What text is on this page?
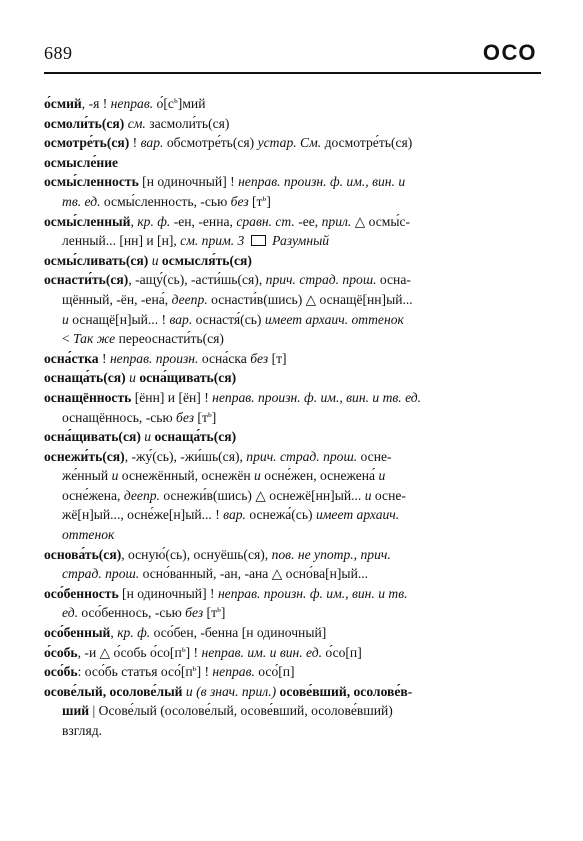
689	ОСО
о́смий, -я ! неправ. $о́[с^ь]мий$
осмоли́ть(ся) см. засмоли́ть(ся)
осмотре́ть(ся) ! вар. обсмотре́ть(ся) устар. См. досмотре́ть(ся)
осмысле́ние
осмы́сленность [н одиночный] ! неправ. произн. ф. им., вин. и
тв. ед. осмы́сленность, -сью без $[т^ь]$
осмы́сленный, кр. ф. -ен, -енна, сравн. ст. -ее, прил. △ осмы́с-
ленный... [нн] и [н], см. прим. 3 Разумный
осмы́сливать(ся) и осмысля́ть(ся)
оснасти́ть(ся), -ащу́(сь), -асти́шь(ся), прич. страд. прош. осна-
щённый, -ён, -ена́, деепр. оснасти́в(шись) △ оснащё[нн]ый...
и оснащё[н]ый... ! вар. оснастя́(сь) имеет архаич. оттенок
< Так же переоснасти́ть(ся)
осна́стка ! неправ. произн. осна́ска без [т]
оснаща́ть(ся) и осна́щивать(ся)
оснащённость [ённ] и [ён] ! неправ. произн. ф. им., вин. и тв. ед.
оснащённось, -сью без $[т^ь]$
осна́щивать(ся) и оснаща́ть(ся)
оснежи́ть(ся), -жу́(сь), -жи́шь(ся), прич. страд. прош. осне-
же́нный и оснежённый, оснежён и осне́жен, оснежена́ и
осне́жена, деепр. оснежи́в(шись) △ оснежё[нн]ый... и осне-
жё[н]ый..., осне́же[н]ый... ! вар. оснежа́(сь) имеет архаич.
оттенок
основа́ть(ся), осную́(сь), оснуёшь(ся), пов. не употр., прич.
страд. прош. осно́ванный, -ан, -ана △ осно́ва[н]ый...
осо́бенность [н одиночный] ! неправ. произн. ф. им., вин. и тв.
ед. осо́беннось, -сью без $[т^ь]$
осо́бенный, кр. ф. осо́бен, -бенна [н одиночный]
о́собь, -и △ о́собь $о́со[п^ь]$ ! неправ. им. и вин. ед. о́со[п]
осо́бь: осо́бь статья $осо́[п^ь]$ ! неправ. осо́[п]
осове́лый, осолове́лый и (в знач. прил.) осове́вший, осолове́в-
ший | Осове́лый (осолове́лый, осове́вший, осолове́вший)
взгляд.
